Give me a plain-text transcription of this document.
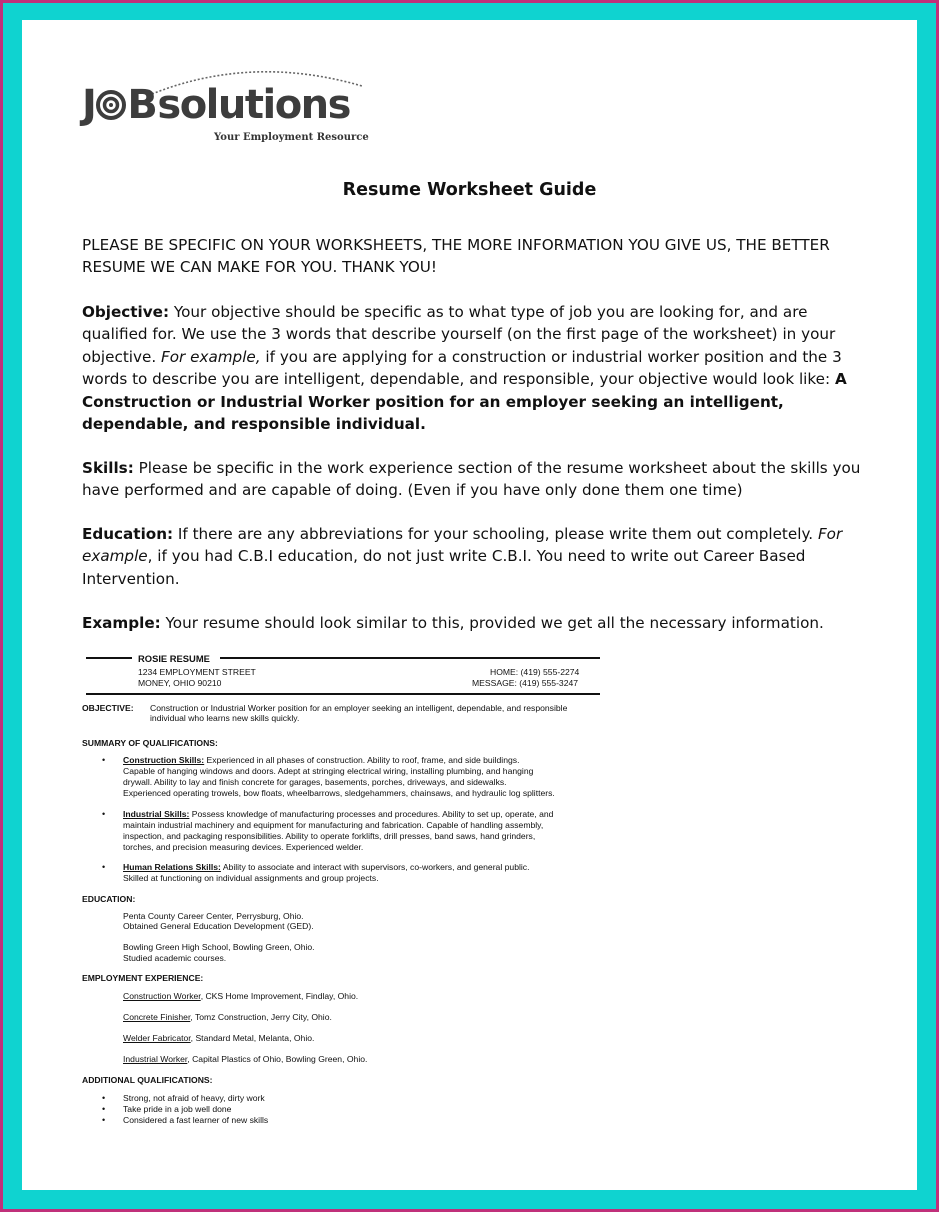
J B solutions
Your Employment Resource
Resume Worksheet Guide
PLEASE BE SPECIFIC ON YOUR WORKSHEETS, THE MORE INFORMATION YOU GIVE US, THE BETTER RESUME WE CAN MAKE FOR YOU. THANK YOU!
Objective: Your objective should be specific as to what type of job you are looking for, and are qualified for. We use the 3 words that describe yourself (on the first page of the worksheet) in your objective. For example, if you are applying for a construction or industrial worker position and the 3 words to describe you are intelligent, dependable, and responsible, your objective would look like: A Construction or Industrial Worker position for an employer seeking an intelligent, dependable, and responsible individual.
Skills: Please be specific in the work experience section of the resume worksheet about the skills you have performed and are capable of doing. (Even if you have only done them one time)
Education: If there are any abbreviations for your schooling, please write them out completely. For example, if you had C.B.I education, do not just write C.B.I. You need to write out Career Based Intervention.
Example: Your resume should look similar to this, provided we get all the necessary information.
ROSIE RESUME
1234 EMPLOYMENT STREET
MONEY, OHIO 90210
HOME: (419) 555-2274
MESSAGE: (419) 555-3247
OBJECTIVE: Construction or Industrial Worker position for an employer seeking an intelligent, dependable, and responsible
individual who learns new skills quickly.
SUMMARY OF QUALIFICATIONS:
• Construction Skills: Experienced in all phases of construction. Ability to roof, frame, and side buildings.
Capable of hanging windows and doors. Adept at stringing electrical wiring, installing plumbing, and hanging
drywall. Ability to lay and finish concrete for garages, basements, porches, driveways, and sidewalks.
Experienced operating trowels, bow floats, wheelbarrows, sledgehammers, chainsaws, and hydraulic log splitters.
• Industrial Skills: Possess knowledge of manufacturing processes and procedures. Ability to set up, operate, and
maintain industrial machinery and equipment for manufacturing and fabrication. Capable of handling assembly,
inspection, and packaging responsibilities. Ability to operate forklifts, drill presses, band saws, hand grinders,
torches, and precision measuring devices. Experienced welder.
• Human Relations Skills: Ability to associate and interact with supervisors, co-workers, and general public.
Skilled at functioning on individual assignments and group projects.
EDUCATION:
Penta County Career Center, Perrysburg, Ohio.
Obtained General Education Development (GED).
Bowling Green High School, Bowling Green, Ohio.
Studied academic courses.
EMPLOYMENT EXPERIENCE:
Construction Worker, CKS Home Improvement, Findlay, Ohio.
Concrete Finisher, Tomz Construction, Jerry City, Ohio.
Welder Fabricator, Standard Metal, Melanta, Ohio.
Industrial Worker, Capital Plastics of Ohio, Bowling Green, Ohio.
ADDITIONAL QUALIFICATIONS:
• Strong, not afraid of heavy, dirty work
• Take pride in a job well done
• Considered a fast learner of new skills
